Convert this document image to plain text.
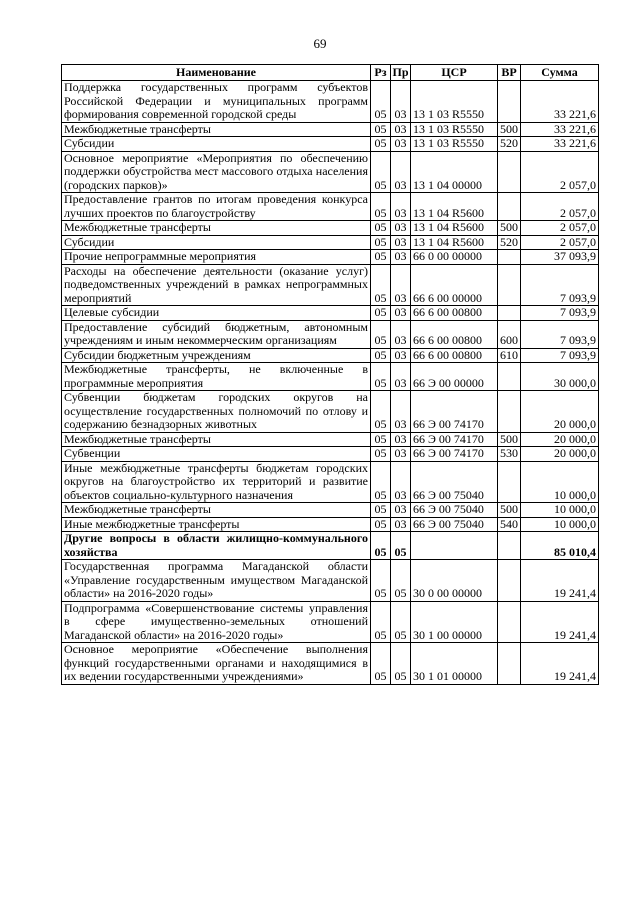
69
Наименование	Рз	Пр	ЦСР	ВР	Сумма
Поддержка государственных программ субъектов Российской Федерации и муниципальных программ формирования современной городской среды	05	03	13 1 03 R5550		33 221,6
Межбюджетные трансферты	05	03	13 1 03 R5550	500	33 221,6
Субсидии	05	03	13 1 03 R5550	520	33 221,6
Основное мероприятие «Мероприятия по обеспечению поддержки обустройства мест массового отдыха населения (городских парков)»	05	03	13 1 04 00000		2 057,0
Предоставление грантов по итогам проведения конкурса лучших проектов по благоустройству	05	03	13 1 04 R5600		2 057,0
Межбюджетные трансферты	05	03	13 1 04 R5600	500	2 057,0
Субсидии	05	03	13 1 04 R5600	520	2 057,0
Прочие непрограммные мероприятия	05	03	66 0 00 00000		37 093,9
Расходы на обеспечение деятельности (оказание услуг) подведомственных учреждений в рамках непрограммных мероприятий	05	03	66 6 00 00000		7 093,9
Целевые субсидии	05	03	66 6 00 00800		7 093,9
Предоставление субсидий бюджетным, автономным учреждениям и иным некоммерческим организациям	05	03	66 6 00 00800	600	7 093,9
Субсидии бюджетным учреждениям	05	03	66 6 00 00800	610	7 093,9
Межбюджетные трансферты, не включенные в программные мероприятия	05	03	66 Э 00 00000		30 000,0
Субвенции бюджетам городских округов на осуществление государственных полномочий по отлову и содержанию безнадзорных животных	05	03	66 Э 00 74170		20 000,0
Межбюджетные трансферты	05	03	66 Э 00 74170	500	20 000,0
Субвенции	05	03	66 Э 00 74170	530	20 000,0
Иные межбюджетные трансферты бюджетам городских округов на благоустройство их территорий и развитие объектов социально-культурного назначения	05	03	66 Э 00 75040		10 000,0
Межбюджетные трансферты	05	03	66 Э 00 75040	500	10 000,0
Иные межбюджетные трансферты	05	03	66 Э 00 75040	540	10 000,0
Другие вопросы в области жилищно-коммунального хозяйства	05	05			85 010,4
Государственная программа Магаданской области «Управление государственным имуществом Магаданской области» на 2016-2020 годы»	05	05	30 0 00 00000		19 241,4
Подпрограмма «Совершенствование системы управления в сфере имущественно-земельных отношений Магаданской области» на 2016-2020 годы»	05	05	30 1 00 00000		19 241,4
Основное мероприятие «Обеспечение выполнения функций государственными органами и находящимися в их ведении государственными учреждениями»	05	05	30 1 01 00000		19 241,4
